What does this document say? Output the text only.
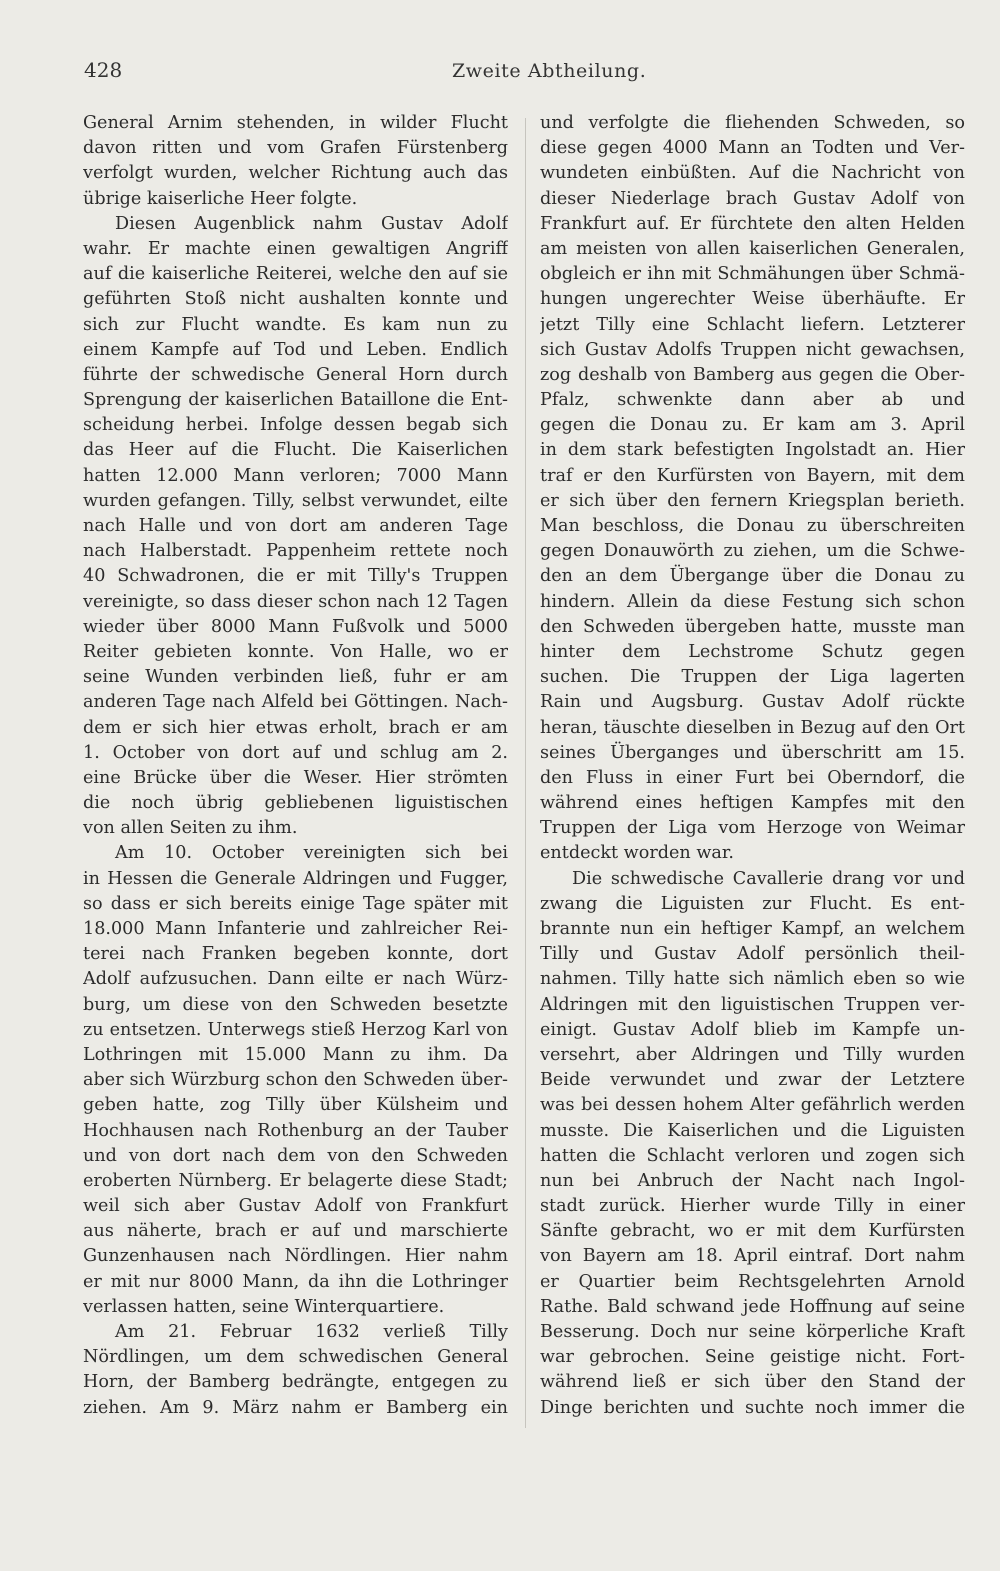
428	Zweite Abtheilung.
General Arnim stehenden, in wilder Flucht
davon ritten und vom Grafen Fürstenberg
verfolgt wurden, welcher Richtung auch das
übrige kaiserliche Heer folgte.
Diesen Augenblick nahm Gustav Adolf
wahr. Er machte einen gewaltigen Angriff
auf die kaiserliche Reiterei, welche den auf sie
geführten Stoß nicht aushalten konnte und
sich zur Flucht wandte. Es kam nun zu
einem Kampfe auf Tod und Leben. Endlich
führte der schwedische General Horn durch
Sprengung der kaiserlichen Bataillone die Ent-
scheidung herbei. Infolge dessen begab sich
das Heer auf die Flucht. Die Kaiserlichen
hatten 12.000 Mann verloren; 7000 Mann
wurden gefangen. Tilly, selbst verwundet, eilte
nach Halle und von dort am anderen Tage
nach Halberstadt. Pappenheim rettete noch
40 Schwadronen, die er mit Tilly's Truppen
vereinigte, so dass dieser schon nach 12 Tagen
wieder über 8000 Mann Fußvolk und 5000
Reiter gebieten konnte. Von Halle, wo er
seine Wunden verbinden ließ, fuhr er am
anderen Tage nach Alfeld bei Göttingen. Nach-
dem er sich hier etwas erholt, brach er am
1. October von dort auf und schlug am 2.
eine Brücke über die Weser. Hier strömten
die noch übrig gebliebenen liguistischen
von allen Seiten zu ihm.
Am 10. October vereinigten sich bei
in Hessen die Generale Aldringen und Fugger,
so dass er sich bereits einige Tage später mit
18.000 Mann Infanterie und zahlreicher Rei-
terei nach Franken begeben konnte, dort
Adolf aufzusuchen. Dann eilte er nach Würz-
burg, um diese von den Schweden besetzte
zu entsetzen. Unterwegs stieß Herzog Karl von
Lothringen mit 15.000 Mann zu ihm. Da
aber sich Würzburg schon den Schweden über-
geben hatte, zog Tilly über Külsheim und
Hochhausen nach Rothenburg an der Tauber
und von dort nach dem von den Schweden
eroberten Nürnberg. Er belagerte diese Stadt;
weil sich aber Gustav Adolf von Frankfurt
aus näherte, brach er auf und marschierte
Gunzenhausen nach Nördlingen. Hier nahm
er mit nur 8000 Mann, da ihn die Lothringer
verlassen hatten, seine Winterquartiere.
Am 21. Februar 1632 verließ Tilly
Nördlingen, um dem schwedischen General
Horn, der Bamberg bedrängte, entgegen zu
ziehen. Am 9. März nahm er Bamberg ein
und verfolgte die fliehenden Schweden, so
diese gegen 4000 Mann an Todten und Ver-
wundeten einbüßten. Auf die Nachricht von
dieser Niederlage brach Gustav Adolf von
Frankfurt auf. Er fürchtete den alten Helden
am meisten von allen kaiserlichen Generalen,
obgleich er ihn mit Schmähungen über Schmä-
hungen ungerechter Weise überhäufte. Er
jetzt Tilly eine Schlacht liefern. Letzterer
sich Gustav Adolfs Truppen nicht gewachsen,
zog deshalb von Bamberg aus gegen die Ober-
Pfalz, schwenkte dann aber ab und
gegen die Donau zu. Er kam am 3. April
in dem stark befestigten Ingolstadt an. Hier
traf er den Kurfürsten von Bayern, mit dem
er sich über den fernern Kriegsplan berieth.
Man beschloss, die Donau zu überschreiten
gegen Donauwörth zu ziehen, um die Schwe-
den an dem Übergange über die Donau zu
hindern. Allein da diese Festung sich schon
den Schweden übergeben hatte, musste man
hinter dem Lechstrome Schutz gegen
suchen. Die Truppen der Liga lagerten
Rain und Augsburg. Gustav Adolf rückte
heran, täuschte dieselben in Bezug auf den Ort
seines Überganges und überschritt am 15.
den Fluss in einer Furt bei Oberndorf, die
während eines heftigen Kampfes mit den
Truppen der Liga vom Herzoge von Weimar
entdeckt worden war.
Die schwedische Cavallerie drang vor und
zwang die Liguisten zur Flucht. Es ent-
brannte nun ein heftiger Kampf, an welchem
Tilly und Gustav Adolf persönlich theil-
nahmen. Tilly hatte sich nämlich eben so wie
Aldringen mit den liguistischen Truppen ver-
einigt. Gustav Adolf blieb im Kampfe un-
versehrt, aber Aldringen und Tilly wurden
Beide verwundet und zwar der Letztere
was bei dessen hohem Alter gefährlich werden
musste. Die Kaiserlichen und die Liguisten
hatten die Schlacht verloren und zogen sich
nun bei Anbruch der Nacht nach Ingol-
stadt zurück. Hierher wurde Tilly in einer
Sänfte gebracht, wo er mit dem Kurfürsten
von Bayern am 18. April eintraf. Dort nahm
er Quartier beim Rechtsgelehrten Arnold
Rathe. Bald schwand jede Hoffnung auf seine
Besserung. Doch nur seine körperliche Kraft
war gebrochen. Seine geistige nicht. Fort-
während ließ er sich über den Stand der
Dinge berichten und suchte noch immer die
